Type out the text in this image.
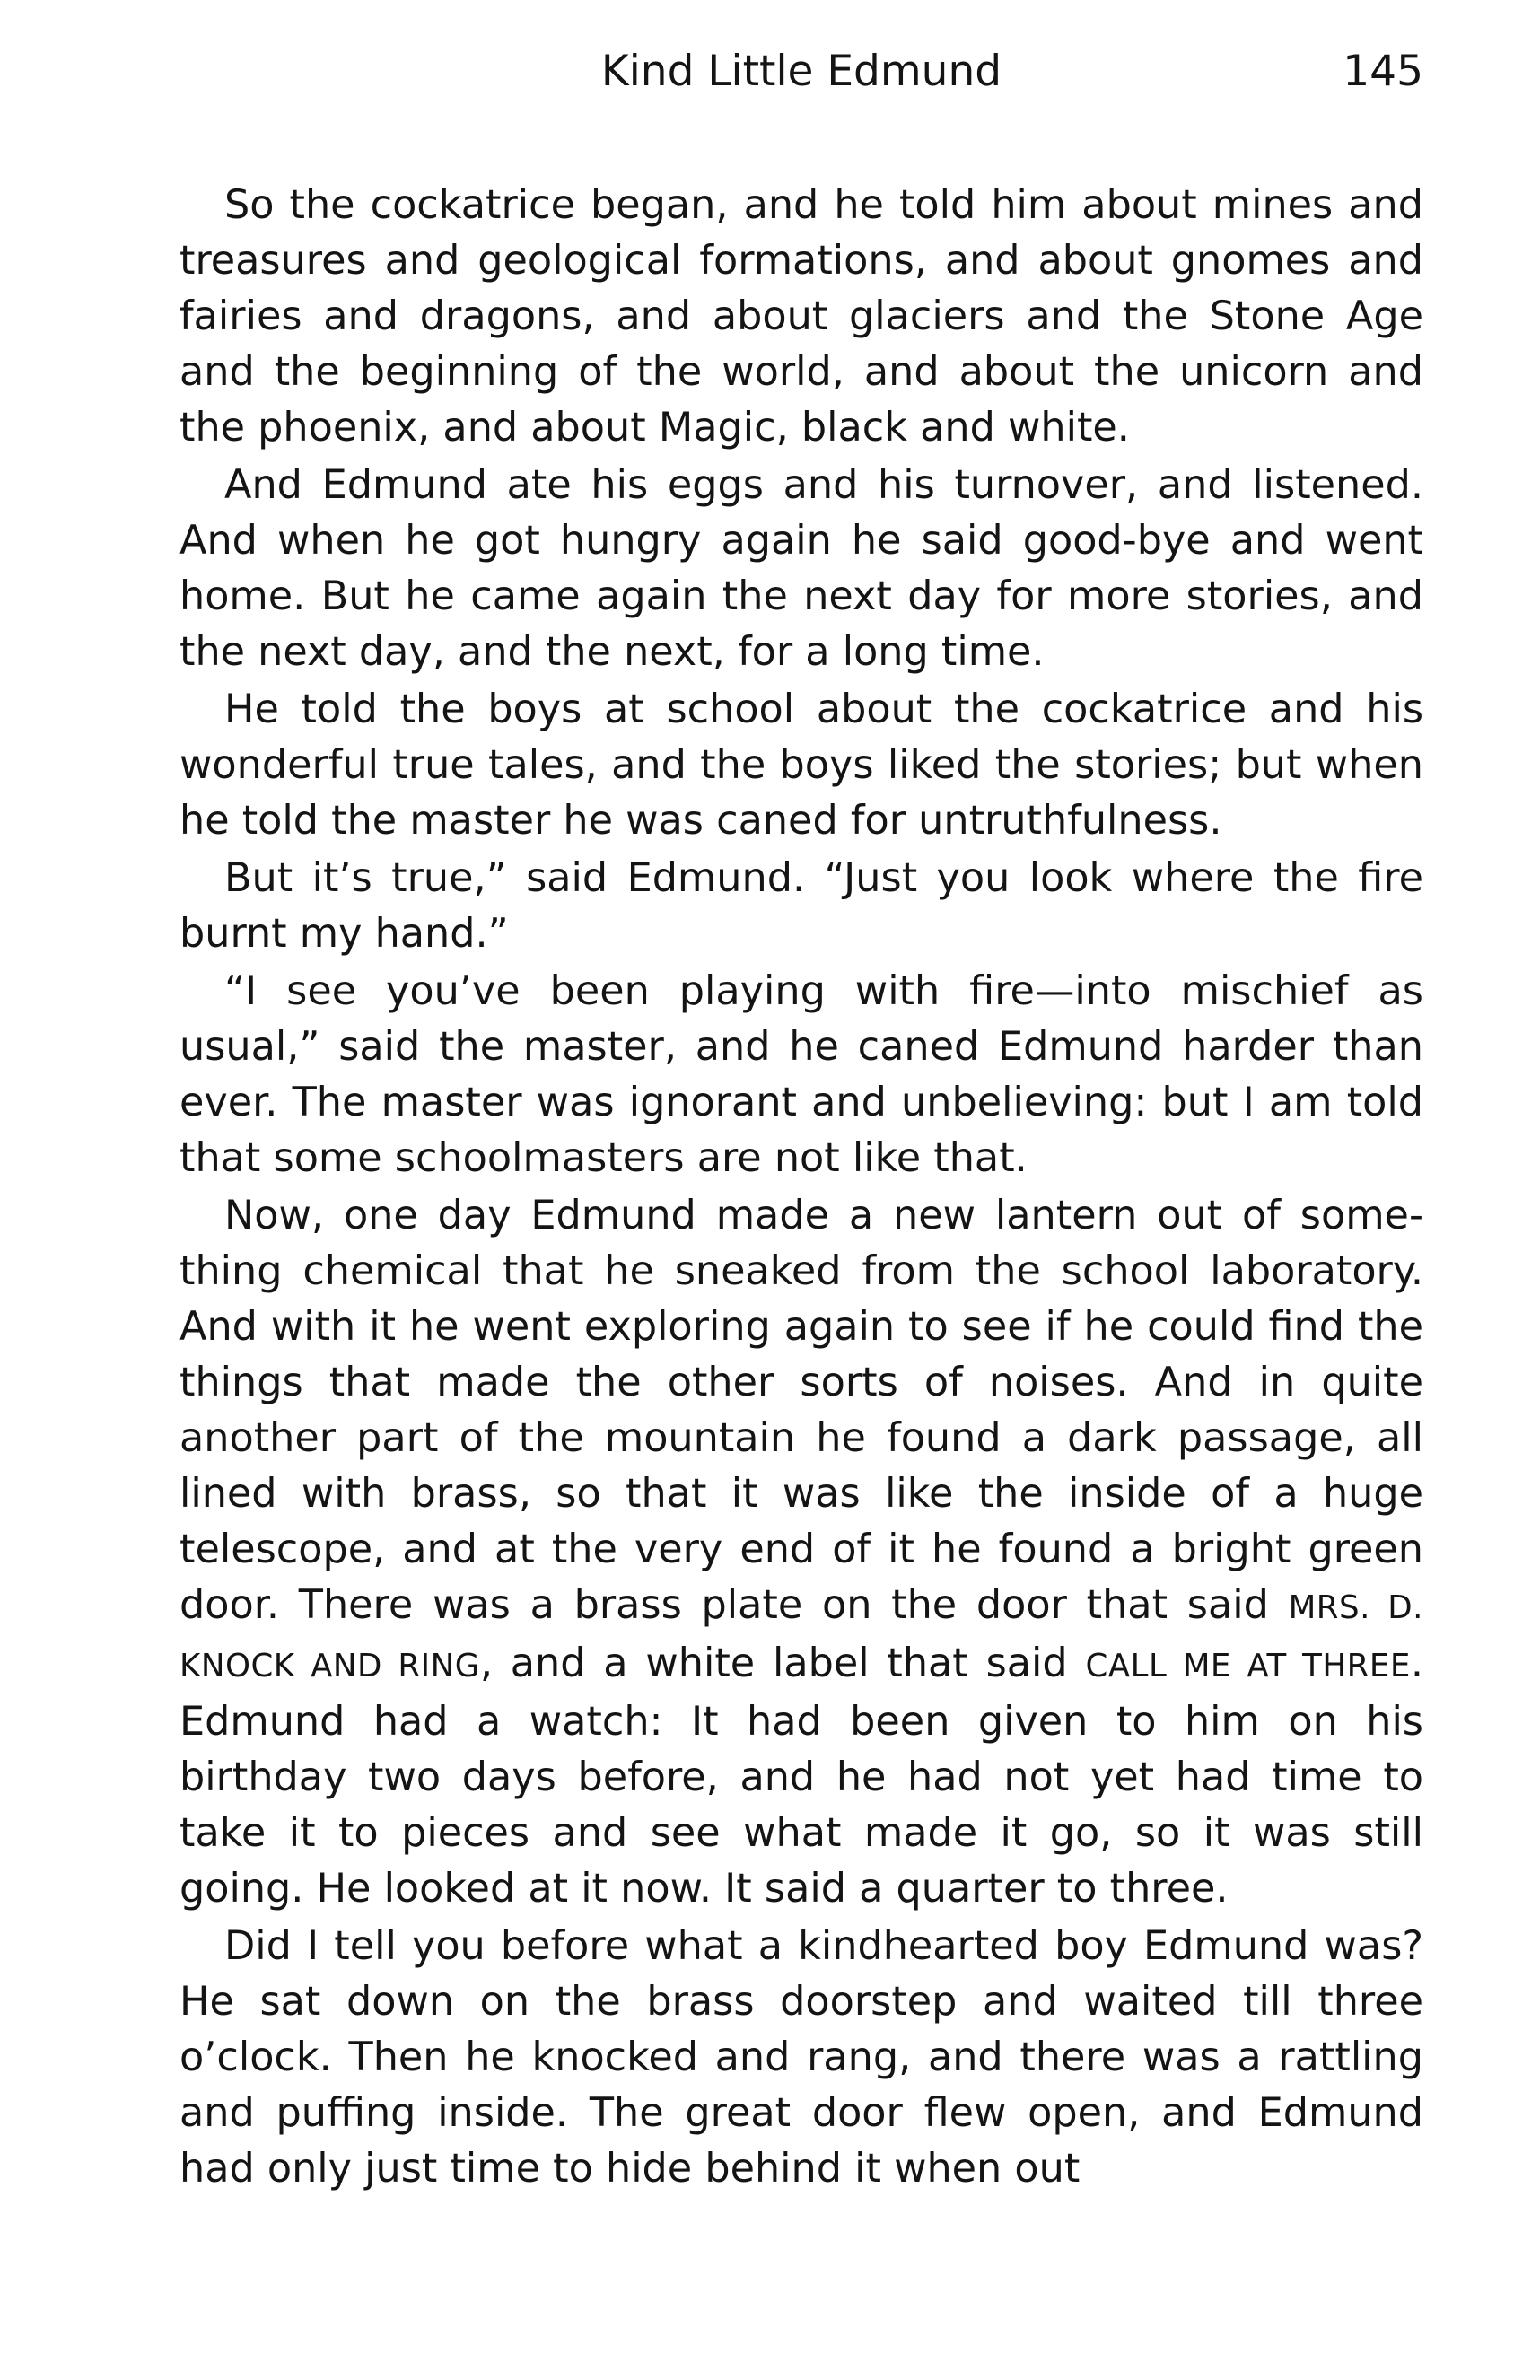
Kind Little Edmund	145

So the cockatrice began, and he told him about mines and treasures and geological formations, and about gnomes and fairies and dragons, and about glaciers and the Stone Age and the beginning of the world, and about the unicorn and the phoenix, and about Magic, black and white.

And Edmund ate his eggs and his turnover, and listened. And when he got hungry again he said good-bye and went home. But he came again the next day for more stories, and the next day, and the next, for a long time.

He told the boys at school about the cockatrice and his wonderful true tales, and the boys liked the stories; but when he told the master he was caned for untruthfulness.

But it’s true,” said Edmund. “Just you look where the fire burnt my hand.”

“I see you’ve been playing with fire—into mischief as usual,” said the master, and he caned Edmund harder than ever. The master was ignorant and unbelieving: but I am told that some schoolmasters are not like that.

Now, one day Edmund made a new lantern out of something chemical that he sneaked from the school laboratory. And with it he went exploring again to see if he could find the things that made the other sorts of noises. And in quite another part of the mountain he found a dark passage, all lined with brass, so that it was like the inside of a huge telescope, and at the very end of it he found a bright green door. There was a brass plate on the door that said MRS. D. KNOCK AND RING, and a white label that said CALL ME AT THREE. Edmund had a watch: It had been given to him on his birthday two days before, and he had not yet had time to take it to pieces and see what made it go, so it was still going. He looked at it now. It said a quarter to three.

Did I tell you before what a kindhearted boy Edmund was? He sat down on the brass doorstep and waited till three o’clock. Then he knocked and rang, and there was a rattling and puffing inside. The great door flew open, and Edmund had only just time to hide behind it when out
